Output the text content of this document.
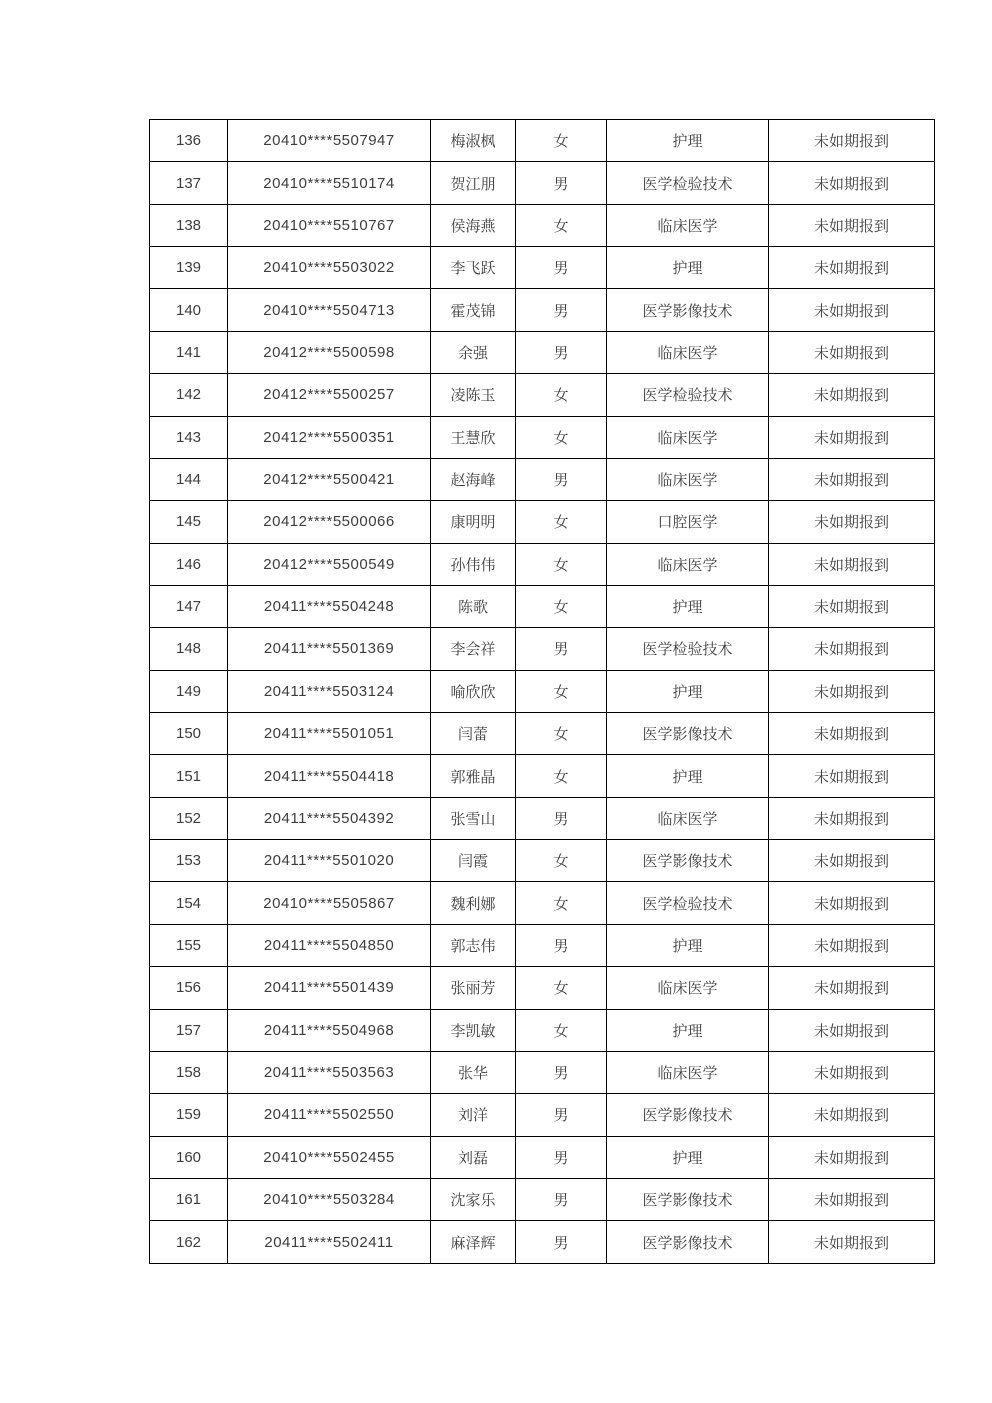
136	20410****5507947	梅淑枫	女	护理	未如期报到
137	20410****5510174	贺江朋	男	医学检验技术	未如期报到
138	20410****5510767	侯海燕	女	临床医学	未如期报到
139	20410****5503022	李飞跃	男	护理	未如期报到
140	20410****5504713	霍茂锦	男	医学影像技术	未如期报到
141	20412****5500598	余强	男	临床医学	未如期报到
142	20412****5500257	凌陈玉	女	医学检验技术	未如期报到
143	20412****5500351	王慧欣	女	临床医学	未如期报到
144	20412****5500421	赵海峰	男	临床医学	未如期报到
145	20412****5500066	康明明	女	口腔医学	未如期报到
146	20412****5500549	孙伟伟	女	临床医学	未如期报到
147	20411****5504248	陈歌	女	护理	未如期报到
148	20411****5501369	李会祥	男	医学检验技术	未如期报到
149	20411****5503124	喻欣欣	女	护理	未如期报到
150	20411****5501051	闫蕾	女	医学影像技术	未如期报到
151	20411****5504418	郭雅晶	女	护理	未如期报到
152	20411****5504392	张雪山	男	临床医学	未如期报到
153	20411****5501020	闫霞	女	医学影像技术	未如期报到
154	20410****5505867	魏利娜	女	医学检验技术	未如期报到
155	20411****5504850	郭志伟	男	护理	未如期报到
156	20411****5501439	张丽芳	女	临床医学	未如期报到
157	20411****5504968	李凯敏	女	护理	未如期报到
158	20411****5503563	张华	男	临床医学	未如期报到
159	20411****5502550	刘洋	男	医学影像技术	未如期报到
160	20410****5502455	刘磊	男	护理	未如期报到
161	20410****5503284	沈家乐	男	医学影像技术	未如期报到
162	20411****5502411	麻泽辉	男	医学影像技术	未如期报到
